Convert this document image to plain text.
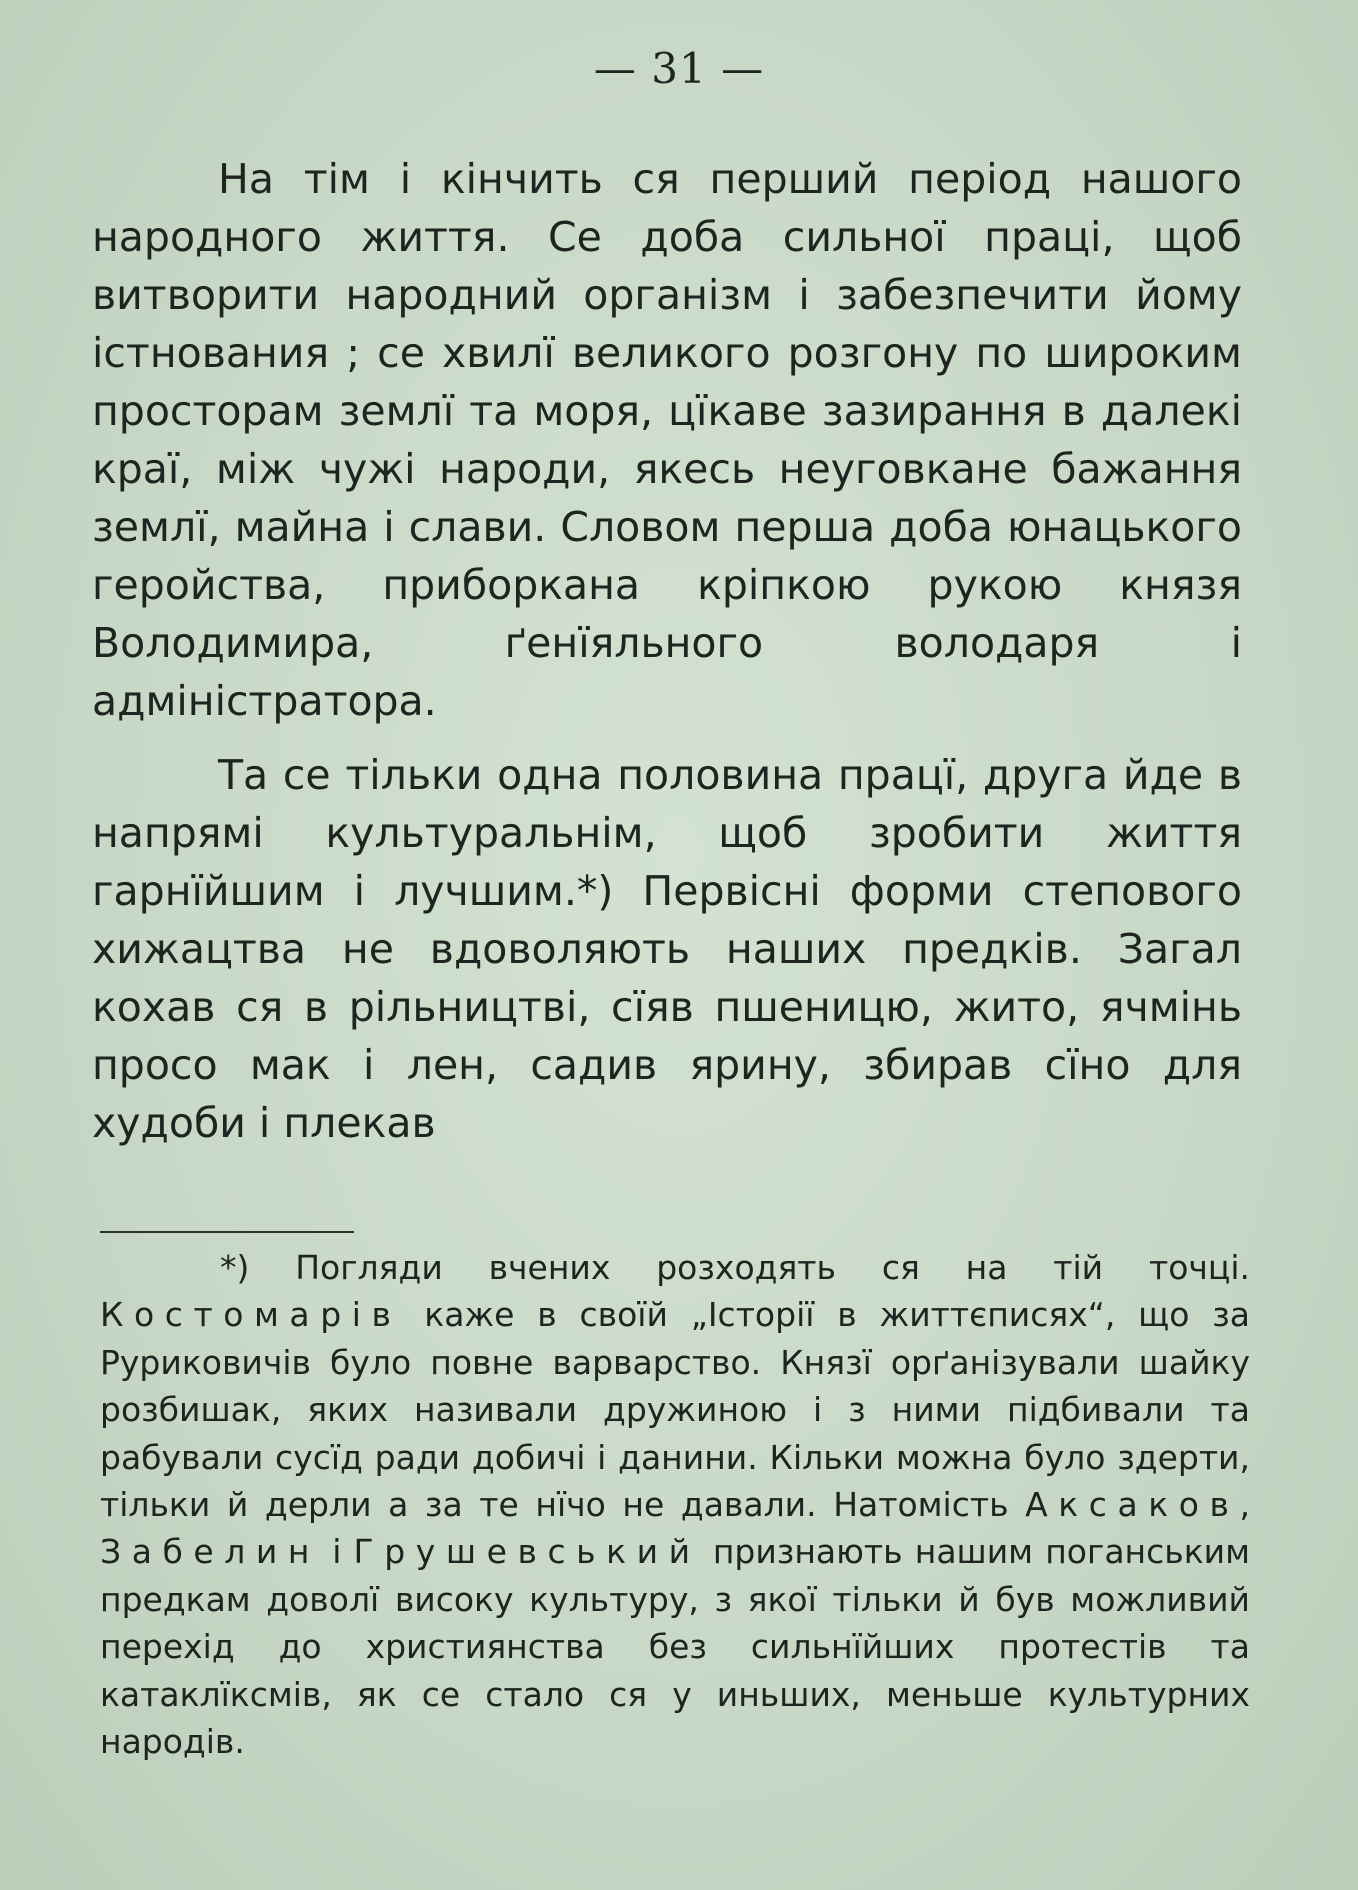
— 31 —

На тім і кінчить ся перший період нашого народного життя. Се доба сильної праці, щоб витворити народний організм і забезпечити йому істнования ; се хвилї великого розгону по широким просторам землї та моря, цїкаве зазирання в далекі краї, між чужі народи, якесь неуговкане бажання землї, майна і слави. Словом перша доба юнацького геройства, приборкана кріпкою рукою князя Володимира, ґенїяльного володаря і адміністратора.

Та се тільки одна половина працї, друга йде в напрямі культуральнім, щоб зробити життя гарнїйшим і лучшим.*) Первісні форми степового хижацтва не вдоволяють наших предків. Загал кохав ся в рільництві, сїяв пшеницю, жито, ячмінь просо мак і лен, садив ярину, збирав сїно для худоби і плекав

*) Погляди вчених розходять ся на тій точці. Костомарів каже в своїй „Історії в життєписях“, що за Руриковичів було повне варварство. Князї орґанізували шайку розбишак, яких називали дружиною і з ними підбивали та рабували сусїд ради добичі і данини. Кільки можна було здерти, тільки й дерли а за те нїчо не давали. Натомість Аксаков, Забелин і Грушевський признають нашим поганським предкам доволї високу культуру, з якої тільки й був можливий перехід до християнства без сильнїйших протестів та катаклїксмів, як се стало ся у иньших, меньше культурних народів.
